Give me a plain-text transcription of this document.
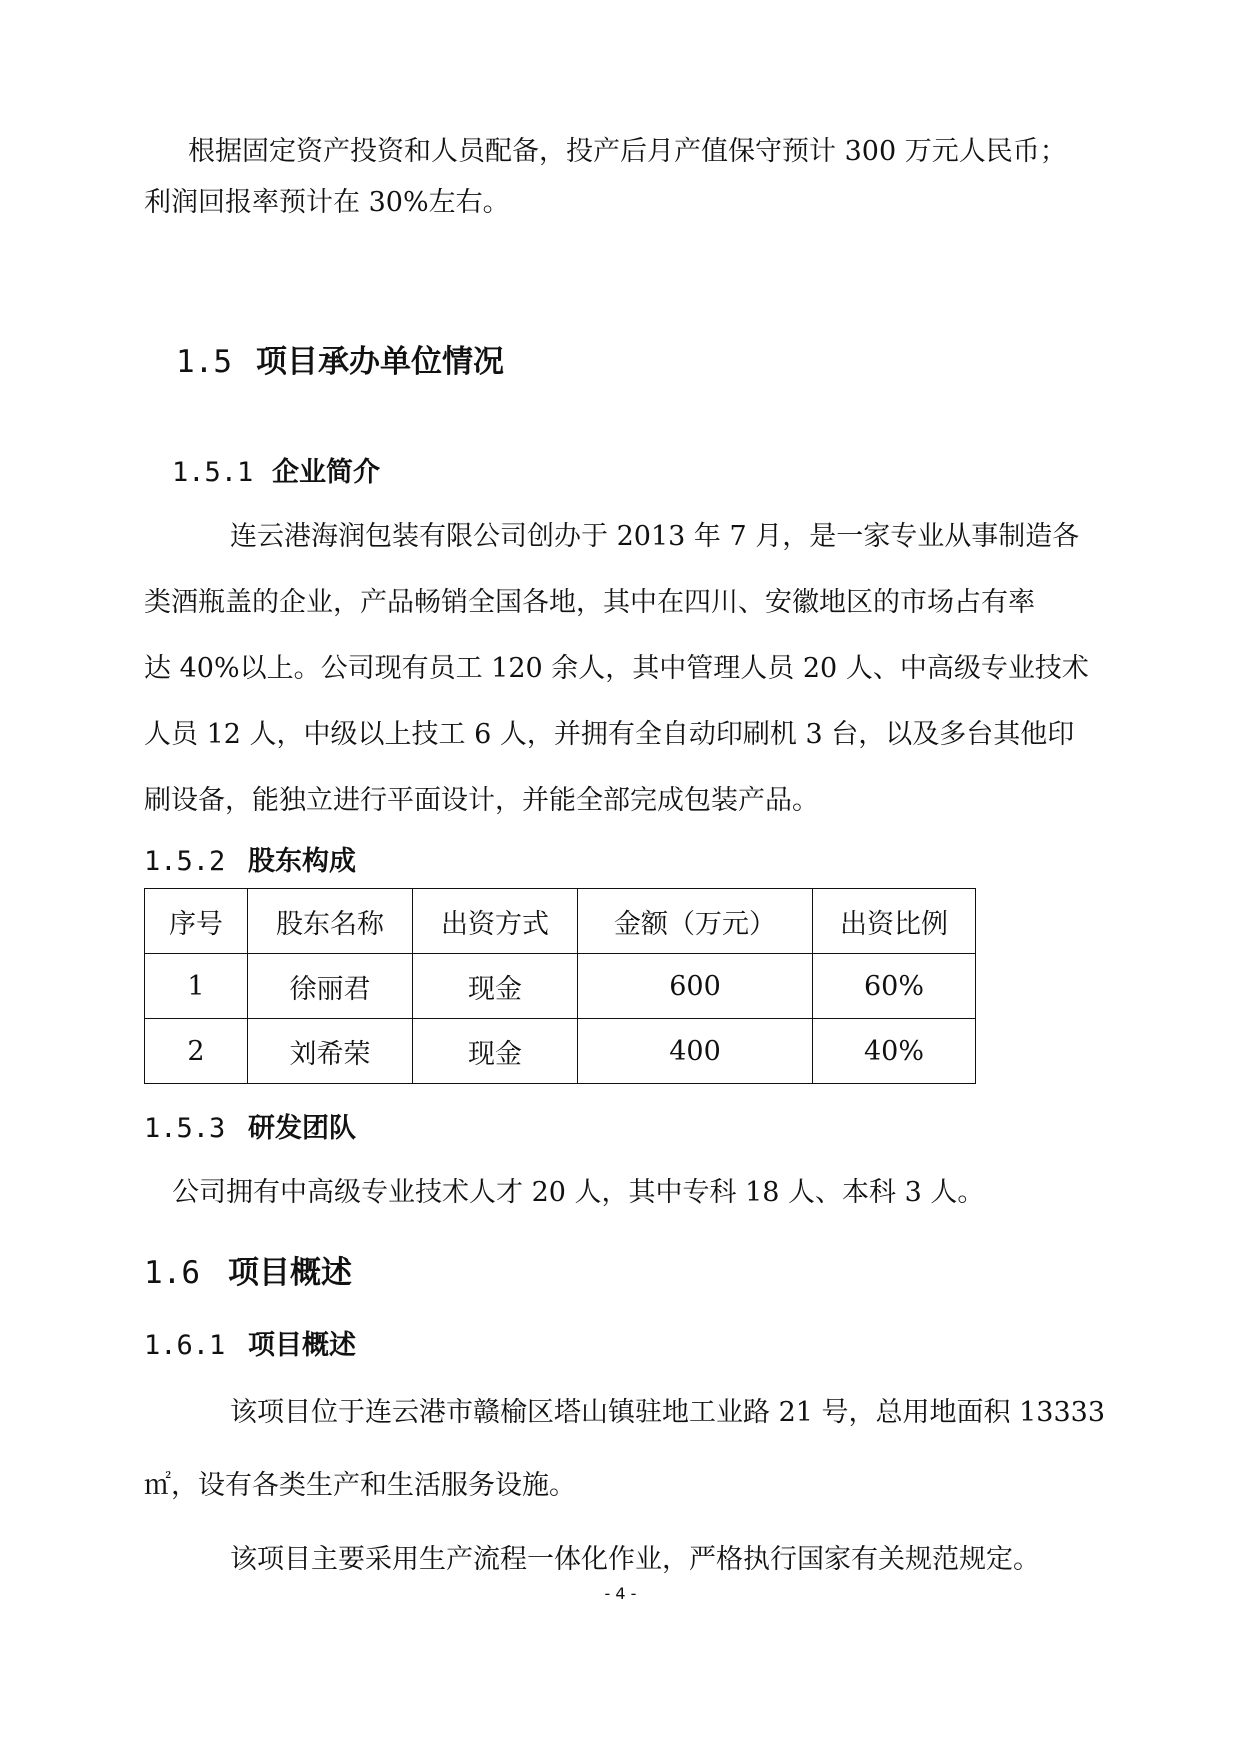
根据固定资产投资和人员配备，投产后月产值保守预计 300 万元人民币；

利润回报率预计在 30%左右。

1.5 项目承办单位情况
1.5.1 企业简介

连云港海润包装有限公司创办于 2013 年 7 月，是一家专业从事制造各

类酒瓶盖的企业，产品畅销全国各地，其中在四川、安徽地区的市场占有率

达 40%以上。公司现有员工 120 余人，其中管理人员 20 人、中高级专业技术

人员 12 人，中级以上技工 6 人，并拥有全自动印刷机 3 台，以及多台其他印

刷设备，能独立进行平面设计，并能全部完成包装产品。

1.5.2 股东构成
序号	股东名称	出资方式	金额（万元）	出资比例
1	徐丽君	现金	600	60%
2	刘希荣	现金	400	40%
1.5.3 研发团队

公司拥有中高级专业技术人才 20 人，其中专科 18 人、本科 3 人。

1.6 项目概述
1.6.1 项目概述

该项目位于连云港市赣榆区塔山镇驻地工业路 21 号，总用地面积 13333

㎡，设有各类生产和生活服务设施。

该项目主要采用生产流程一体化作业，严格执行国家有关规范规定。

- 4 -
